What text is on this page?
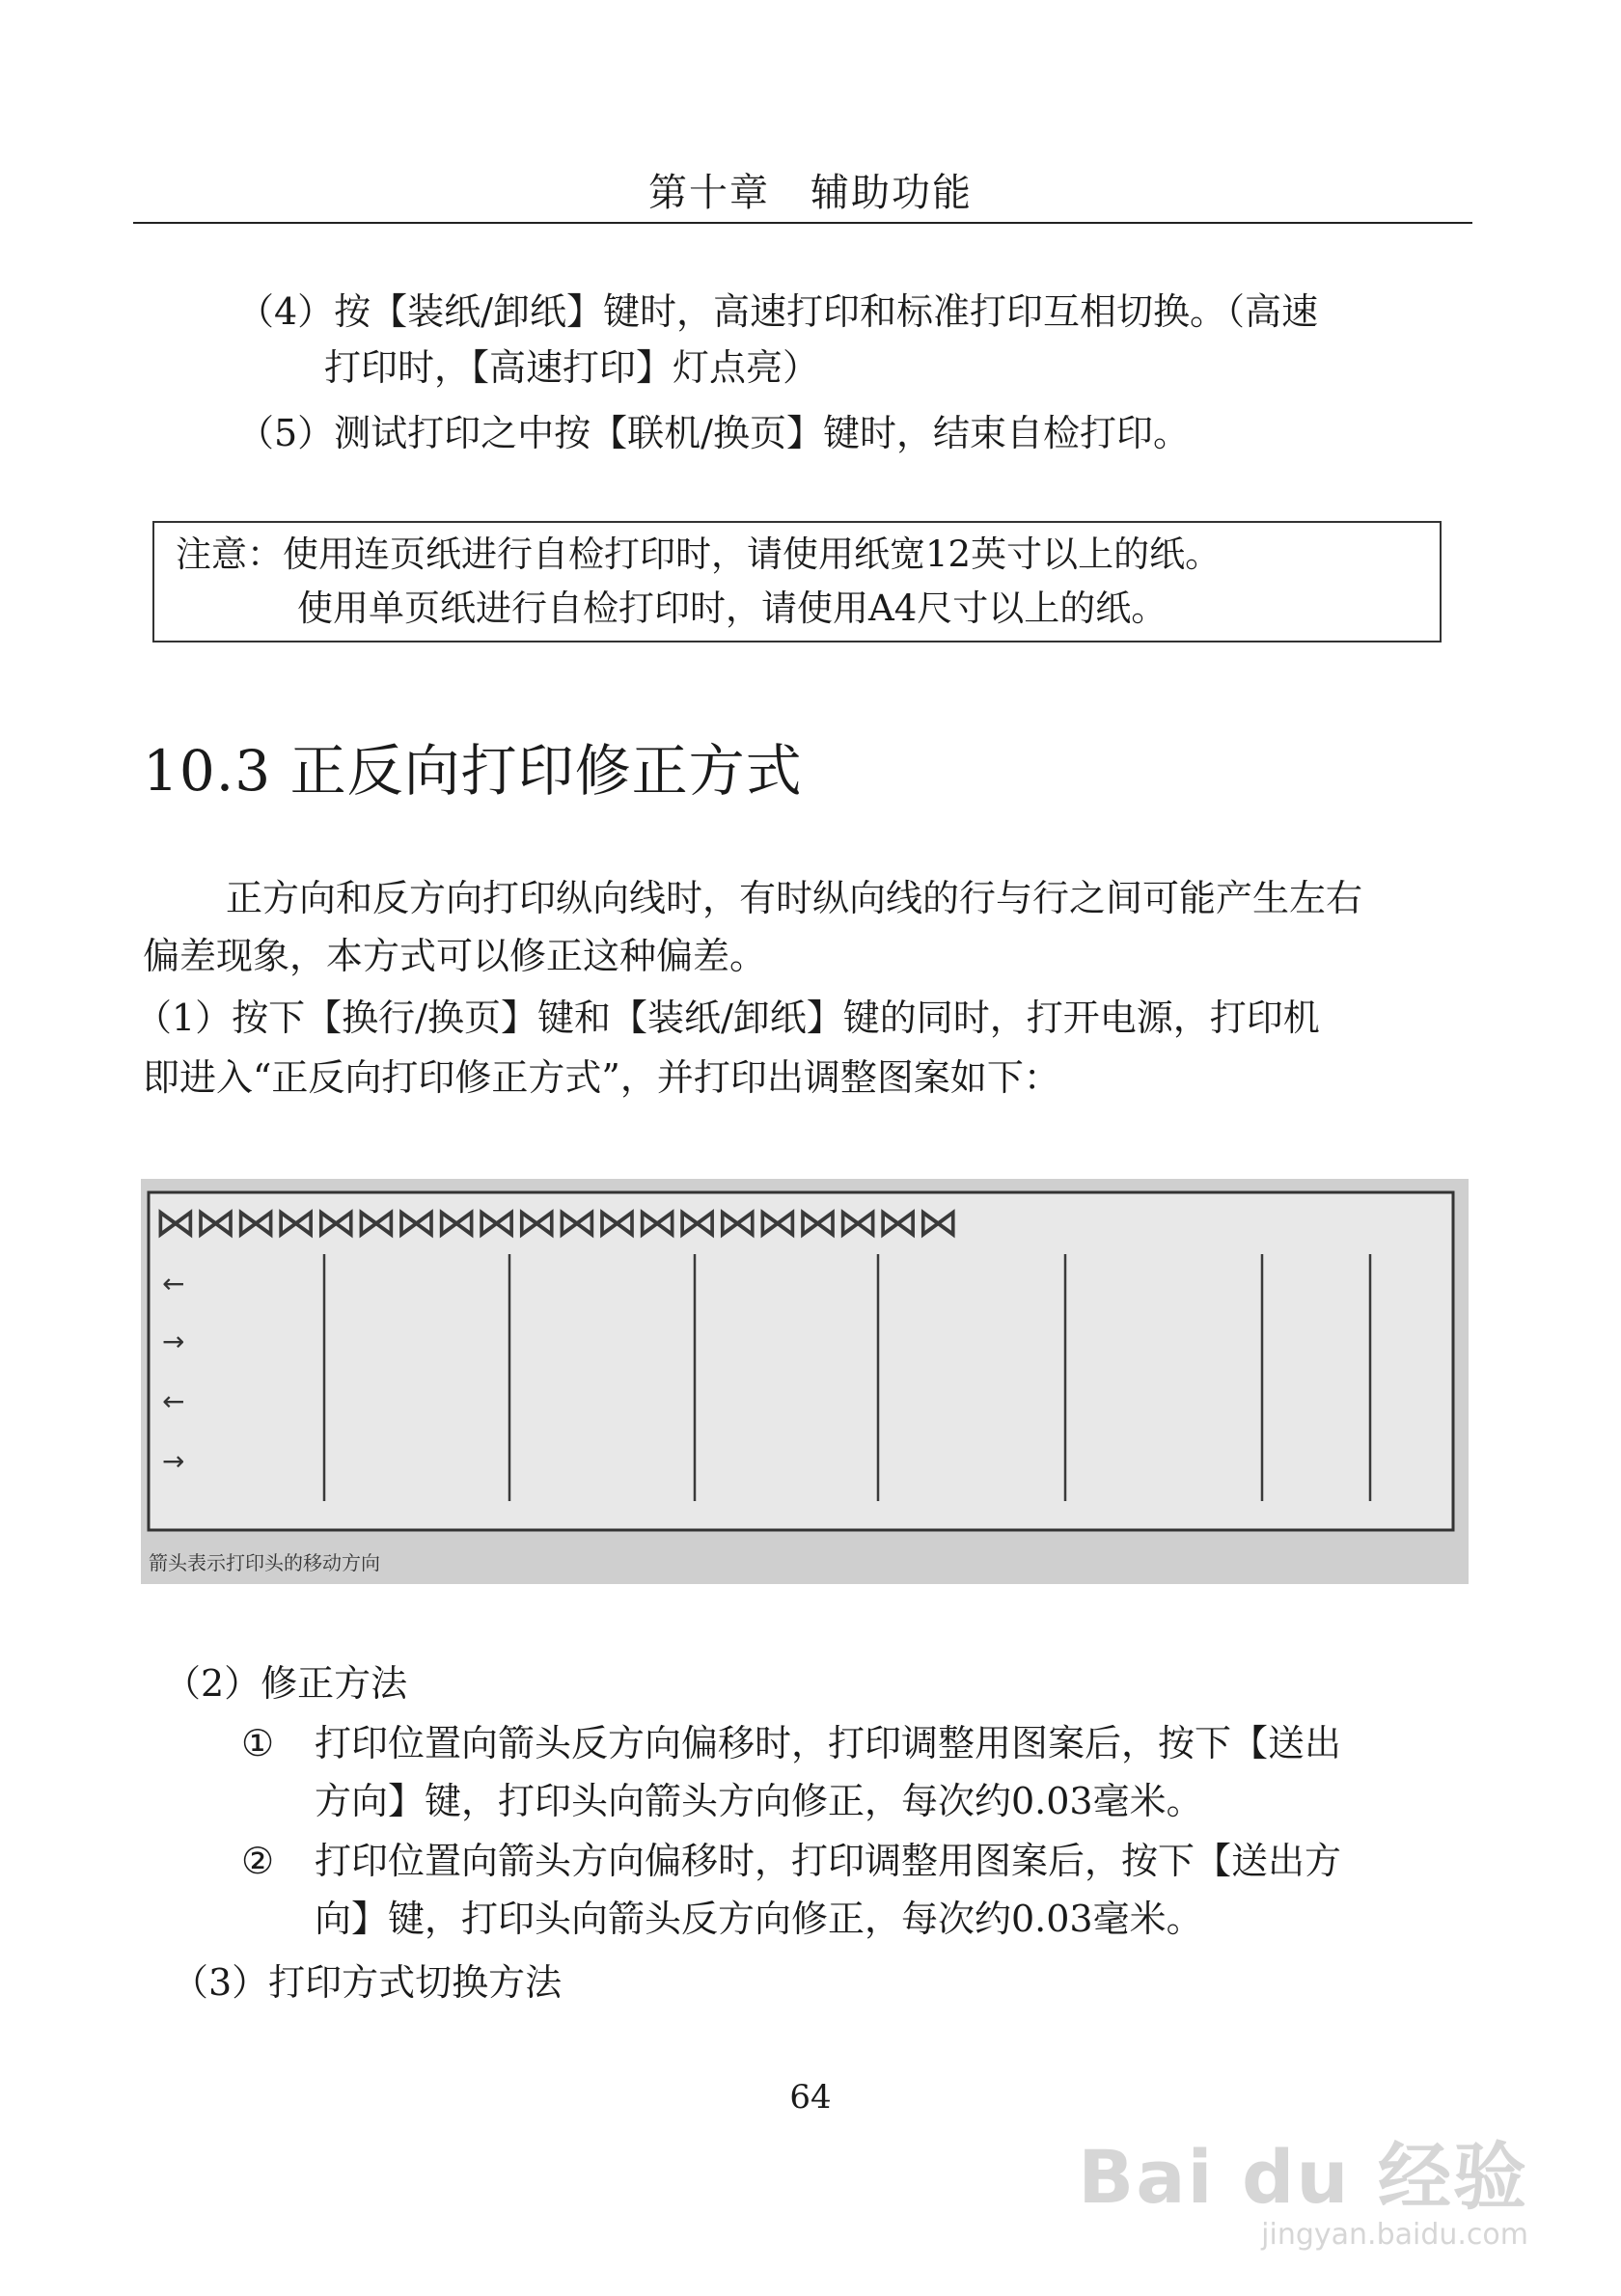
第十章　辅助功能
（4）按【装纸/卸纸】键时，高速打印和标准打印互相切换。（高速
打印时，【高速打印】灯点亮）
（5）测试打印之中按【联机/换页】键时，结束自检打印。
注意：使用连页纸进行自检打印时，请使用纸宽12英寸以上的纸。
使用单页纸进行自检打印时，请使用A4尺寸以上的纸。
10.3 正反向打印修正方式
正方向和反方向打印纵向线时，有时纵向线的行与行之间可能产生左右
偏差现象，本方式可以修正这种偏差。
（1）按下【换行/换页】键和【装纸/卸纸】键的同时，打开电源，打印机
即进入“正反向打印修正方式”，并打印出调整图案如下：
⋈
⋈
⋈
⋈
⋈
⋈
⋈
⋈
⋈
⋈
⋈
⋈
⋈
⋈
⋈
⋈
⋈
⋈
⋈
⋈
←
→
←
→
箭头表示打印头的移动方向
（2）修正方法
① 打印位置向箭头反方向偏移时，打印调整用图案后，按下【送出
方向】键，打印头向箭头方向修正，每次约0.03毫米。
② 打印位置向箭头方向偏移时，打印调整用图案后，按下【送出方
向】键，打印头向箭头反方向修正，每次约0.03毫米。
（3）打印方式切换方法
64
Bai du 经验
jingyan.baidu.com
